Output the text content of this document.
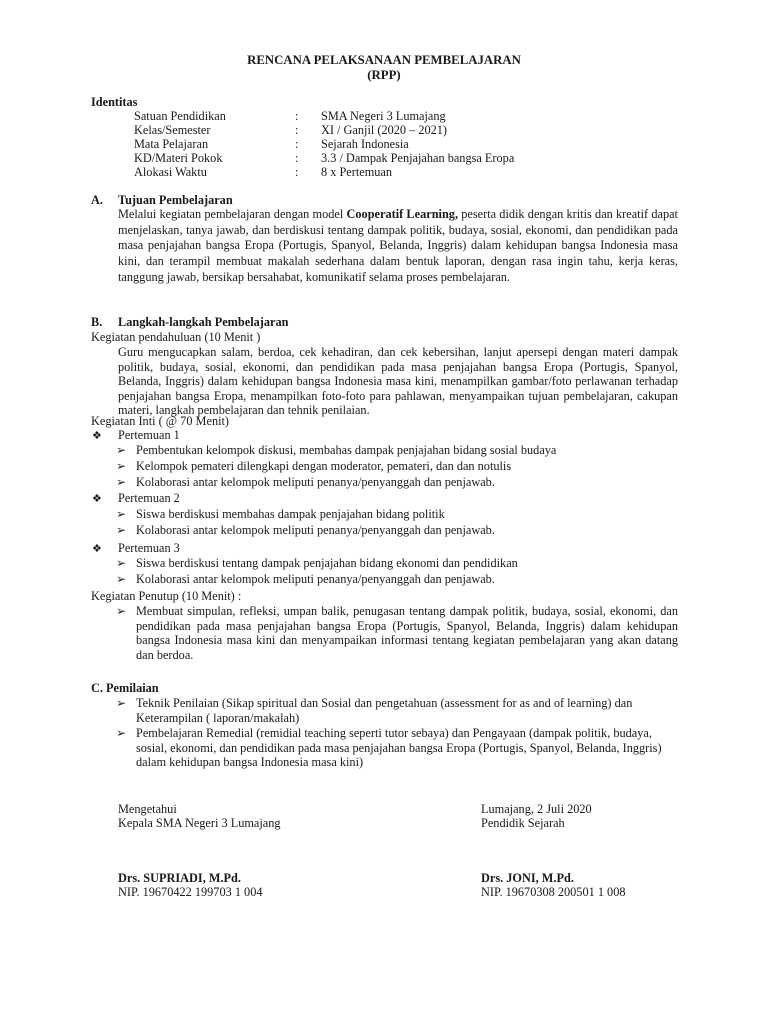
RENCANA PELAKSANAAN PEMBELAJARAN
(RPP)
Identitas
Satuan Pendidikan	: SMA Negeri 3 Lumajang
Kelas/Semester	: XI / Ganjil (2020 – 2021)
Mata Pelajaran	: Sejarah Indonesia
KD/Materi Pokok	: 3.3 / Dampak Penjajahan bangsa Eropa
Alokasi Waktu	: 8 x Pertemuan
A. Tujuan Pembelajaran
Melalui kegiatan pembelajaran dengan model Cooperatif Learning, peserta didik dengan kritis dan kreatif dapat menjelaskan, tanya jawab, dan berdiskusi tentang dampak politik, budaya, sosial, ekonomi, dan pendidikan pada masa penjajahan bangsa Eropa (Portugis, Spanyol, Belanda, Inggris) dalam kehidupan bangsa Indonesia masa kini, dan terampil membuat makalah sederhana dalam bentuk laporan, dengan rasa ingin tahu, kerja keras, tanggung jawab, bersikap bersahabat, komunikatif selama proses pembelajaran.
B. Langkah-langkah Pembelajaran
Kegiatan pendahuluan (10 Menit )
Guru mengucapkan salam, berdoa, cek kehadiran, dan cek kebersihan, lanjut apersepi dengan materi dampak politik, budaya, sosial, ekonomi, dan pendidikan pada masa penjajahan bangsa Eropa (Portugis, Spanyol, Belanda, Inggris) dalam kehidupan bangsa Indonesia masa kini, menampilkan gambar/foto perlawanan terhadap penjajahan bangsa Eropa, menampilkan foto-foto para pahlawan, menyampaikan tujuan pembelajaran, cakupan materi, langkah pembelajaran dan tehnik penilaian.
Kegiatan Inti ( @ 70 Menit)
❖ Pertemuan 1
➢ Pembentukan kelompok diskusi, membahas dampak penjajahan bidang sosial budaya
➢ Kelompok pemateri dilengkapi dengan moderator, pemateri, dan dan notulis
➢ Kolaborasi antar kelompok meliputi penanya/penyanggah dan penjawab.
❖ Pertemuan 2
➢ Siswa berdiskusi membahas dampak penjajahan bidang politik
➢ Kolaborasi antar kelompok meliputi penanya/penyanggah dan penjawab.
❖ Pertemuan 3
➢ Siswa berdiskusi tentang dampak penjajahan bidang ekonomi dan pendidikan
➢ Kolaborasi antar kelompok meliputi penanya/penyanggah dan penjawab.
Kegiatan Penutup (10 Menit) :
➢ Membuat simpulan, refleksi, umpan balik, penugasan tentang dampak politik, budaya, sosial, ekonomi, dan pendidikan pada masa penjajahan bangsa Eropa (Portugis, Spanyol, Belanda, Inggris) dalam kehidupan bangsa Indonesia masa kini dan menyampaikan informasi tentang kegiatan pembelajaran yang akan datang dan berdoa.
C. Pemilaian
➢ Teknik Penilaian (Sikap spiritual dan Sosial dan pengetahuan (assessment for as and of learning) dan Keterampilan ( laporan/makalah)
➢ Pembelajaran Remedial (remidial teaching seperti tutor sebaya) dan Pengayaan (dampak politik, budaya, sosial, ekonomi, dan pendidikan pada masa penjajahan bangsa Eropa (Portugis, Spanyol, Belanda, Inggris) dalam kehidupan bangsa Indonesia masa kini)
Mengetahui
Kepala SMA Negeri 3 Lumajang
Drs. SUPRIADI, M.Pd.
NIP. 19670422 199703 1 004
Lumajang, 2 Juli 2020
Pendidik Sejarah
Drs. JONI, M.Pd.
NIP. 19670308 200501 1 008
